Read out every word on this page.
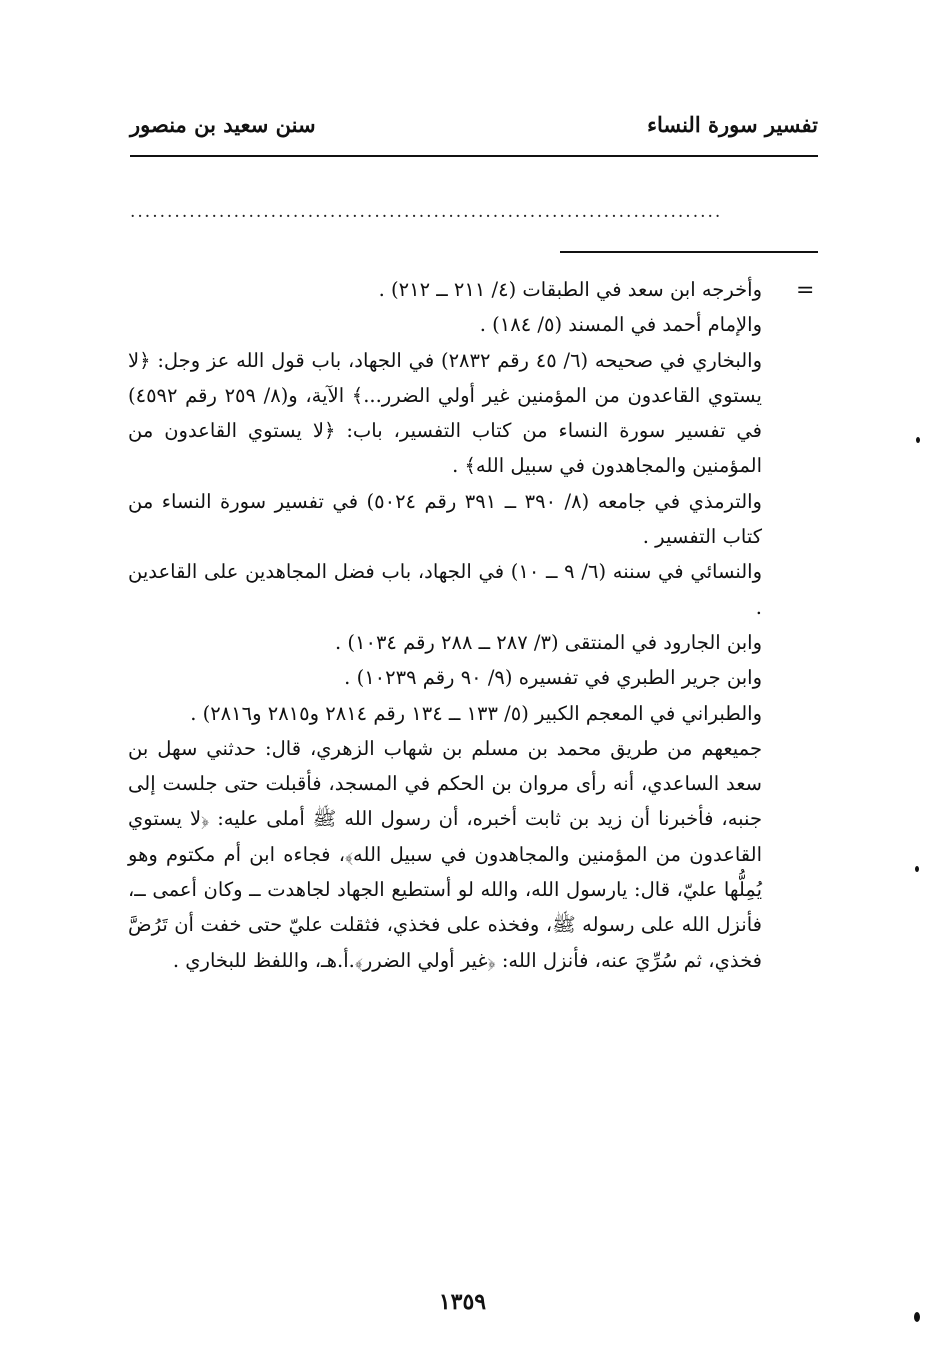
تفسير سورة النساء
سنن سعيد بن منصور
................................................................................
=

وأخرجه ابن سعد في الطبقات (٤/ ٢١١ ــ ٢١٢) .

والإمام أحمد في المسند (٥/ ١٨٤) .

والبخاري في صحيحه (٦/ ٤٥ رقم ٢٨٣٢) في الجهاد، باب قول الله عز وجل: ﴿لا يستوي القاعدون من المؤمنين غير أولي الضرر...﴾ الآية، و(٨/ ٢٥٩ رقم ٤٥٩٢) في تفسير سورة النساء من كتاب التفسير، باب: ﴿لا يستوي القاعدون من المؤمنين والمجاهدون في سبيل الله﴾ .

والترمذي في جامعه (٨/ ٣٩٠ ــ ٣٩١ رقم ٥٠٢٤) في تفسير سورة النساء من كتاب التفسير .

والنسائي في سننه (٦/ ٩ ــ ١٠) في الجهاد، باب فضل المجاهدين على القاعدين .

وابن الجارود في المنتقى (٣/ ٢٨٧ ــ ٢٨٨ رقم ١٠٣٤) .

وابن جرير الطبري في تفسيره (٩/ ٩٠ رقم ١٠٢٣٩) .

والطبراني في المعجم الكبير (٥/ ١٣٣ ــ ١٣٤ رقم ٢٨١٤ و٢٨١٥ و٢٨١٦) .

جميعهم من طريق محمد بن مسلم بن شهاب الزهري، قال: حدثني سهل بن سعد الساعدي، أنه رأى مروان بن الحكم في المسجد، فأقبلت حتى جلست إلى جنبه، فأخبرنا أن زيد بن ثابت أخبره، أن رسول الله ﷺ أملى عليه: ﴿لا يستوي القاعدون من المؤمنين والمجاهدون في سبيل الله﴾، فجاءه ابن أم مكتوم وهو يُمِلُّها عليّ، قال: يارسول الله، والله لو أستطيع الجهاد لجاهدت ــ وكان أعمى ــ، فأنزل الله على رسوله ﷺ، وفخذه على فخذي، فثقلت عليّ حتى خفت أن تَرُضَّ فخذي، ثم سُرِّيَ عنه، فأنزل الله: ﴿غير أولي الضرر﴾.أ.هـ، واللفظ للبخاري .

١٣٥٩
